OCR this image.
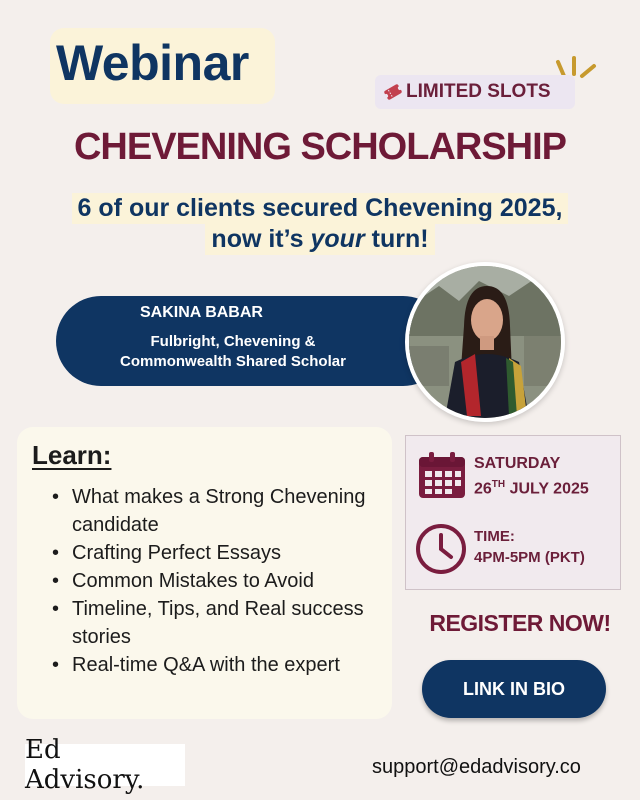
Webinar
LIMITED SLOTS
CHEVENING SCHOLARSHIP
6 of our clients secured Chevening 2025,
now it’s your turn!
SAKINA BABAR
Fulbright, Chevening &
Commonwealth Shared Scholar
Learn:
• What makes a Strong Chevening candidate
• Crafting Perfect Essays
• Common Mistakes to Avoid
• Timeline, Tips, and Real success stories
• Real-time Q&A with the expert
SATURDAY
26TH JULY 2025
TIME:
4PM-5PM (PKT)
REGISTER NOW!
LINK IN BIO
Ed Advisory.	support@edadvisory.co
